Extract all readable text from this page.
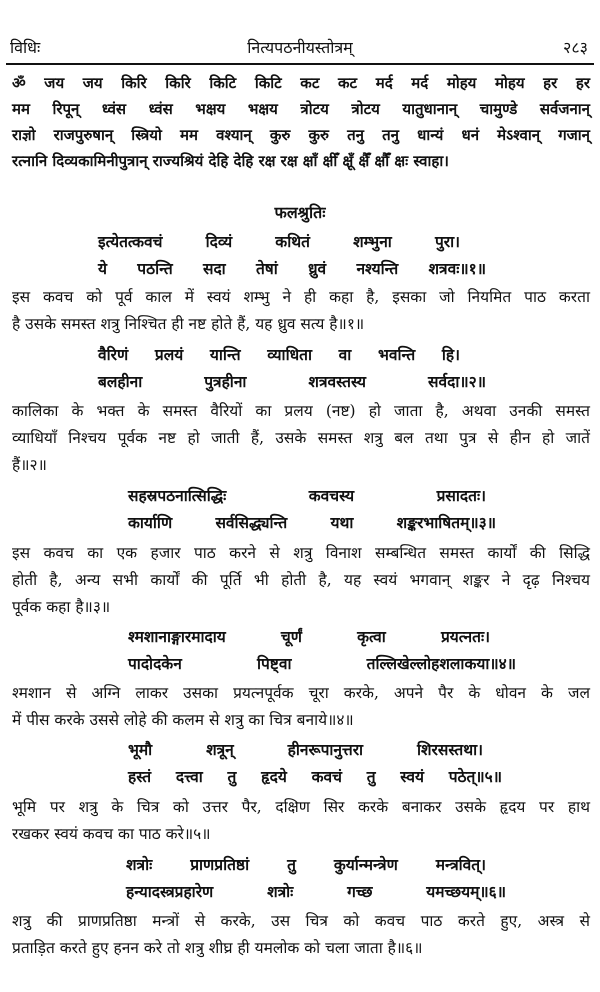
विधिः	नित्यपठनीयस्तोत्रम्	२८३
ॐ जय जय किरि किरि किटि किटि कट कट मर्द मर्द मोहय मोहय हर हर
मम रिपून् ध्वंस ध्वंस भक्षय भक्षय त्रोटय त्रोटय यातुधानान् चामुण्डे सर्वजनान्
राज्ञो राजपुरुषान् स्त्रियो मम वश्यान् कुरु कुरु तनु तनु धान्यं धनं मेऽश्वान् गजान्
रत्नानि दिव्यकामिनीपुत्रान् राज्यश्रियं देहि देहि रक्ष रक्ष क्षाँ क्षीँ क्षूँ क्षैँ क्षौँ क्षः स्वाहा।
फलश्रुतिः
इत्येतत्कवचं दिव्यं कथितं शम्भुना पुरा।
ये पठन्ति सदा तेषां ध्रुवं नश्यन्ति शत्रवः॥१॥
इस कवच को पूर्व काल में स्वयं शम्भु ने ही कहा है, इसका जो नियमित पाठ करता
है उसके समस्त शत्रु निश्चित ही नष्ट होते हैं, यह ध्रुव सत्य है॥१॥
वैरिणं प्रलयं यान्ति व्याधिता वा भवन्ति हि।
बलहीना पुत्रहीना शत्रवस्तस्य सर्वदा॥२॥
कालिका के भक्त के समस्त वैरियों का प्रलय (नष्ट) हो जाता है, अथवा उनकी समस्त
व्याधियाँ निश्चय पूर्वक नष्ट हो जाती हैं, उसके समस्त शत्रु बल तथा पुत्र से हीन हो जातें
हैं॥२॥
सहस्रपठनात्सिद्धिः कवचस्य प्रसादतः।
कार्याणि सर्वसिद्ध्यन्ति यथा शङ्करभाषितम्॥३॥
इस कवच का एक हजार पाठ करने से शत्रु विनाश सम्बन्धित समस्त कार्यों की सिद्धि
होती है, अन्य सभी कार्यों की पूर्ति भी होती है, यह स्वयं भगवान् शङ्कर ने दृढ़ निश्चय
पूर्वक कहा है॥३॥
श्मशानाङ्गारमादाय चूर्णं कृत्वा प्रयत्नतः।
पादोदकेन पिष्ट्वा तल्लिखेल्लोहशलाकया॥४॥
श्मशान से अग्नि लाकर उसका प्रयत्नपूर्वक चूरा करके, अपने पैर के धोवन के जल
में पीस करके उससे लोहे की कलम से शत्रु का चित्र बनाये॥४॥
भूमौ शत्रून् हीनरूपानुत्तरा शिरसस्तथा।
हस्तं दत्त्वा तु हृदये कवचं तु स्वयं पठेत्॥५॥
भूमि पर शत्रु के चित्र को उत्तर पैर, दक्षिण सिर करके बनाकर उसके हृदय पर हाथ
रखकर स्वयं कवच का पाठ करे॥५॥
शत्रोः प्राणप्रतिष्ठां तु कुर्यान्मन्त्रेण मन्त्रवित्।
हन्यादस्त्रप्रहारेण शत्रोः गच्छ यमच्छयम्॥६॥
शत्रु की प्राणप्रतिष्ठा मन्त्रों से करके, उस चित्र को कवच पाठ करते हुए, अस्त्र से
प्रताड़ित करते हुए हनन करे तो शत्रु शीघ्र ही यमलोक को चला जाता है॥६॥
